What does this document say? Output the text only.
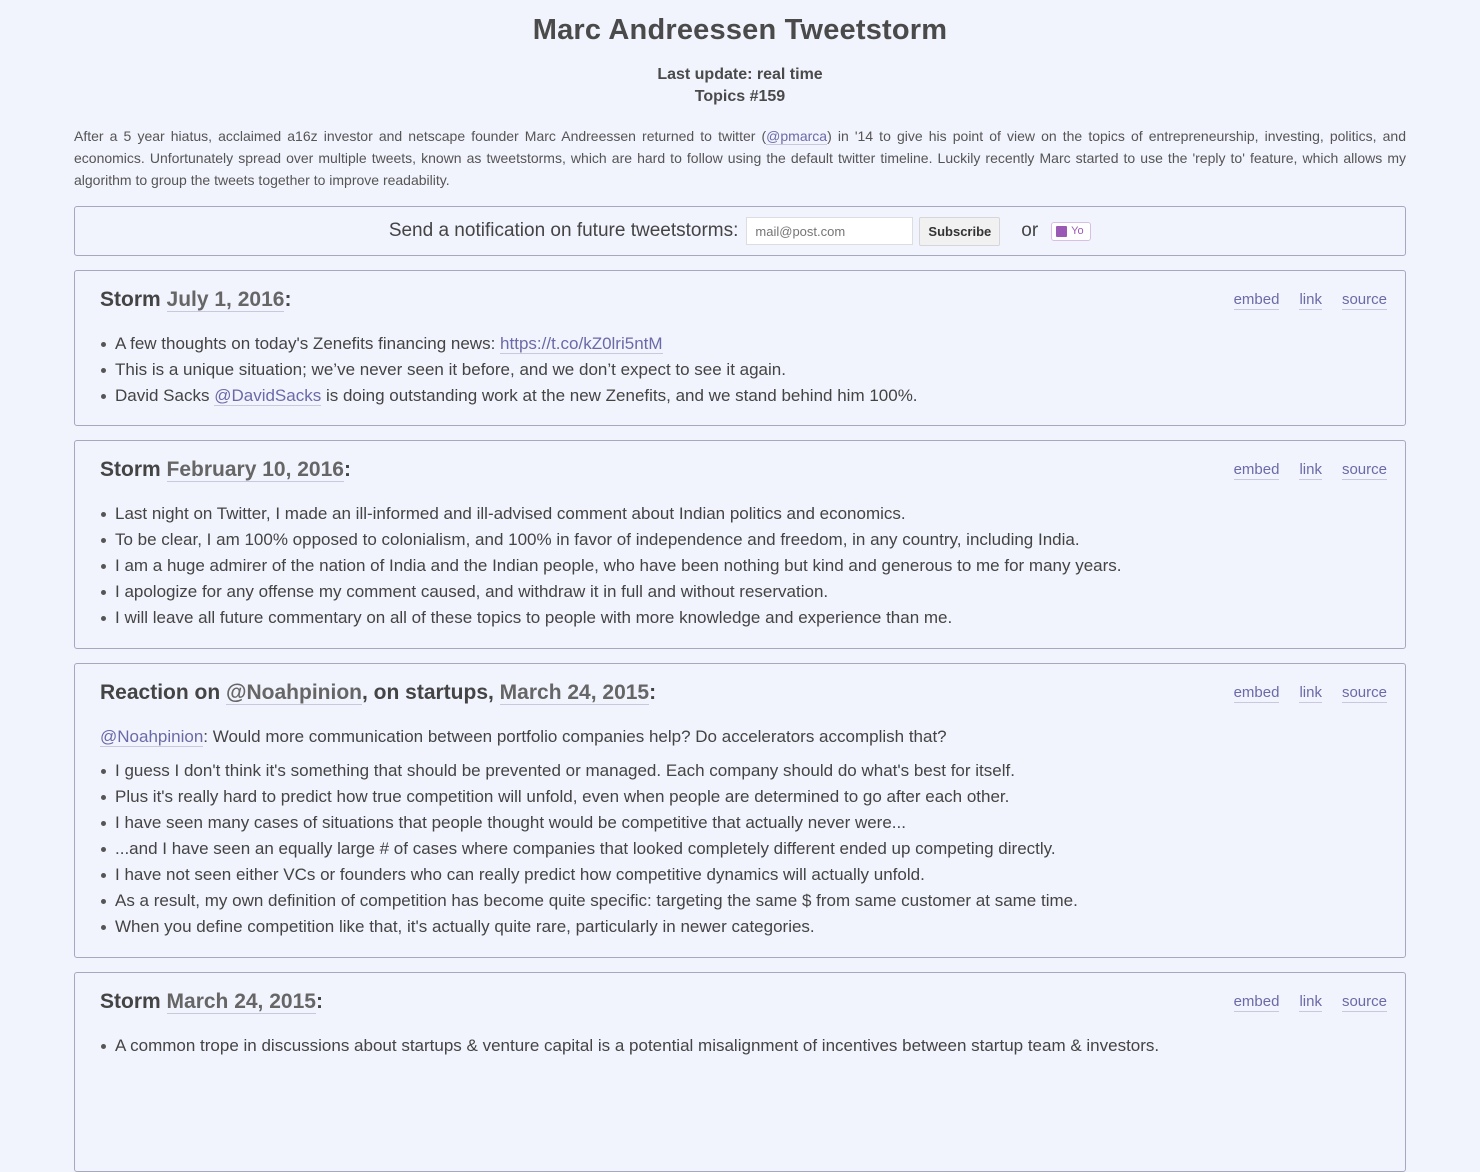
Marc Andreessen Tweetstorm
Last update: real time
Topics #159
After a 5 year hiatus, acclaimed a16z investor and netscape founder Marc Andreessen returned to twitter (@pmarca) in '14 to give his point of view on the topics of entrepreneurship, investing, politics, and economics. Unfortunately spread over multiple tweets, known as tweetstorms, which are hard to follow using the default twitter timeline. Luckily recently Marc started to use the 'reply to' feature, which allows my algorithm to group the tweets together to improve readability.
Send a notification on future tweetstorms:
mail@post.com	Subscribe	or	Yo
Storm July 1, 2016:	embed link source
A few thoughts on today's Zenefits financing news: https://t.co/kZ0lri5ntM
This is a unique situation; we’ve never seen it before, and we don’t expect to see it again.
David Sacks @DavidSacks is doing outstanding work at the new Zenefits, and we stand behind him 100%.
Storm February 10, 2016:	embed link source
Last night on Twitter, I made an ill-informed and ill-advised comment about Indian politics and economics.
To be clear, I am 100% opposed to colonialism, and 100% in favor of independence and freedom, in any country, including India.
I am a huge admirer of the nation of India and the Indian people, who have been nothing but kind and generous to me for many years.
I apologize for any offense my comment caused, and withdraw it in full and without reservation.
I will leave all future commentary on all of these topics to people with more knowledge and experience than me.
Reaction on @Noahpinion, on startups, March 24, 2015:	embed link source
@Noahpinion: Would more communication between portfolio companies help? Do accelerators accomplish that?
I guess I don't think it's something that should be prevented or managed. Each company should do what's best for itself.
Plus it's really hard to predict how true competition will unfold, even when people are determined to go after each other.
I have seen many cases of situations that people thought would be competitive that actually never were...
...and I have seen an equally large # of cases where companies that looked completely different ended up competing directly.
I have not seen either VCs or founders who can really predict how competitive dynamics will actually unfold.
As a result, my own definition of competition has become quite specific: targeting the same $ from same customer at same time.
When you define competition like that, it's actually quite rare, particularly in newer categories.
Storm March 24, 2015:	embed link source
A common trope in discussions about startups & venture capital is a potential misalignment of incentives between startup team & investors.
